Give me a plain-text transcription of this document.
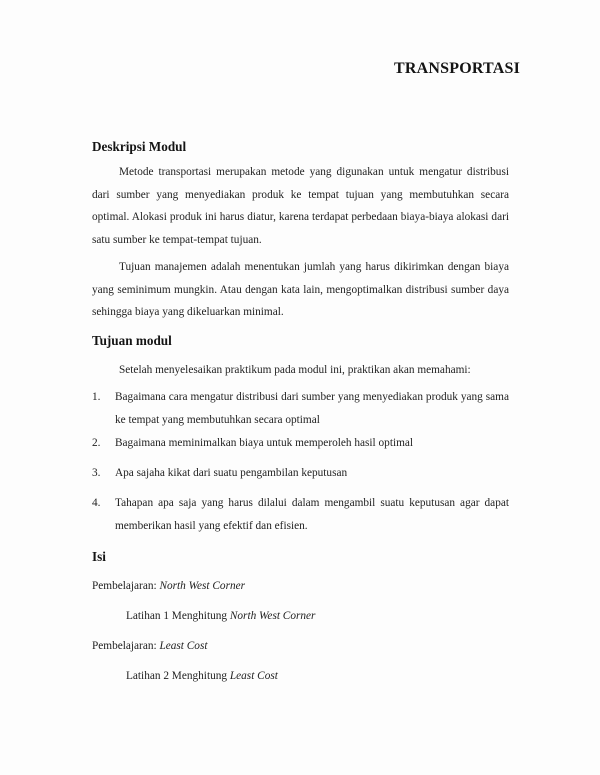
TRANSPORTASI
Deskripsi Modul
Metode transportasi merupakan metode yang digunakan untuk mengatur distribusi dari sumber yang menyediakan produk ke tempat tujuan yang membutuhkan secara optimal. Alokasi produk ini harus diatur, karena terdapat perbedaan biaya-biaya alokasi dari satu sumber ke tempat-tempat tujuan.
Tujuan manajemen adalah menentukan jumlah yang harus dikirimkan dengan biaya yang seminimum mungkin. Atau dengan kata lain, mengoptimalkan distribusi sumber daya sehingga biaya yang dikeluarkan minimal.
Tujuan modul
Setelah menyelesaikan praktikum pada modul ini, praktikan akan memahami:
1.	Bagaimana cara mengatur distribusi dari sumber yang menyediakan produk yang sama ke tempat yang membutuhkan secara optimal
2.	Bagaimana meminimalkan biaya untuk memperoleh hasil optimal
3.	Apa sajaha kikat dari suatu pengambilan keputusan
4.	Tahapan apa saja yang harus dilalui dalam mengambil suatu keputusan agar dapat memberikan hasil yang efektif dan efisien.
Isi
Pembelajaran: North West Corner
Latihan 1 Menghitung North West Corner
Pembelajaran: Least Cost
Latihan 2 Menghitung Least Cost
